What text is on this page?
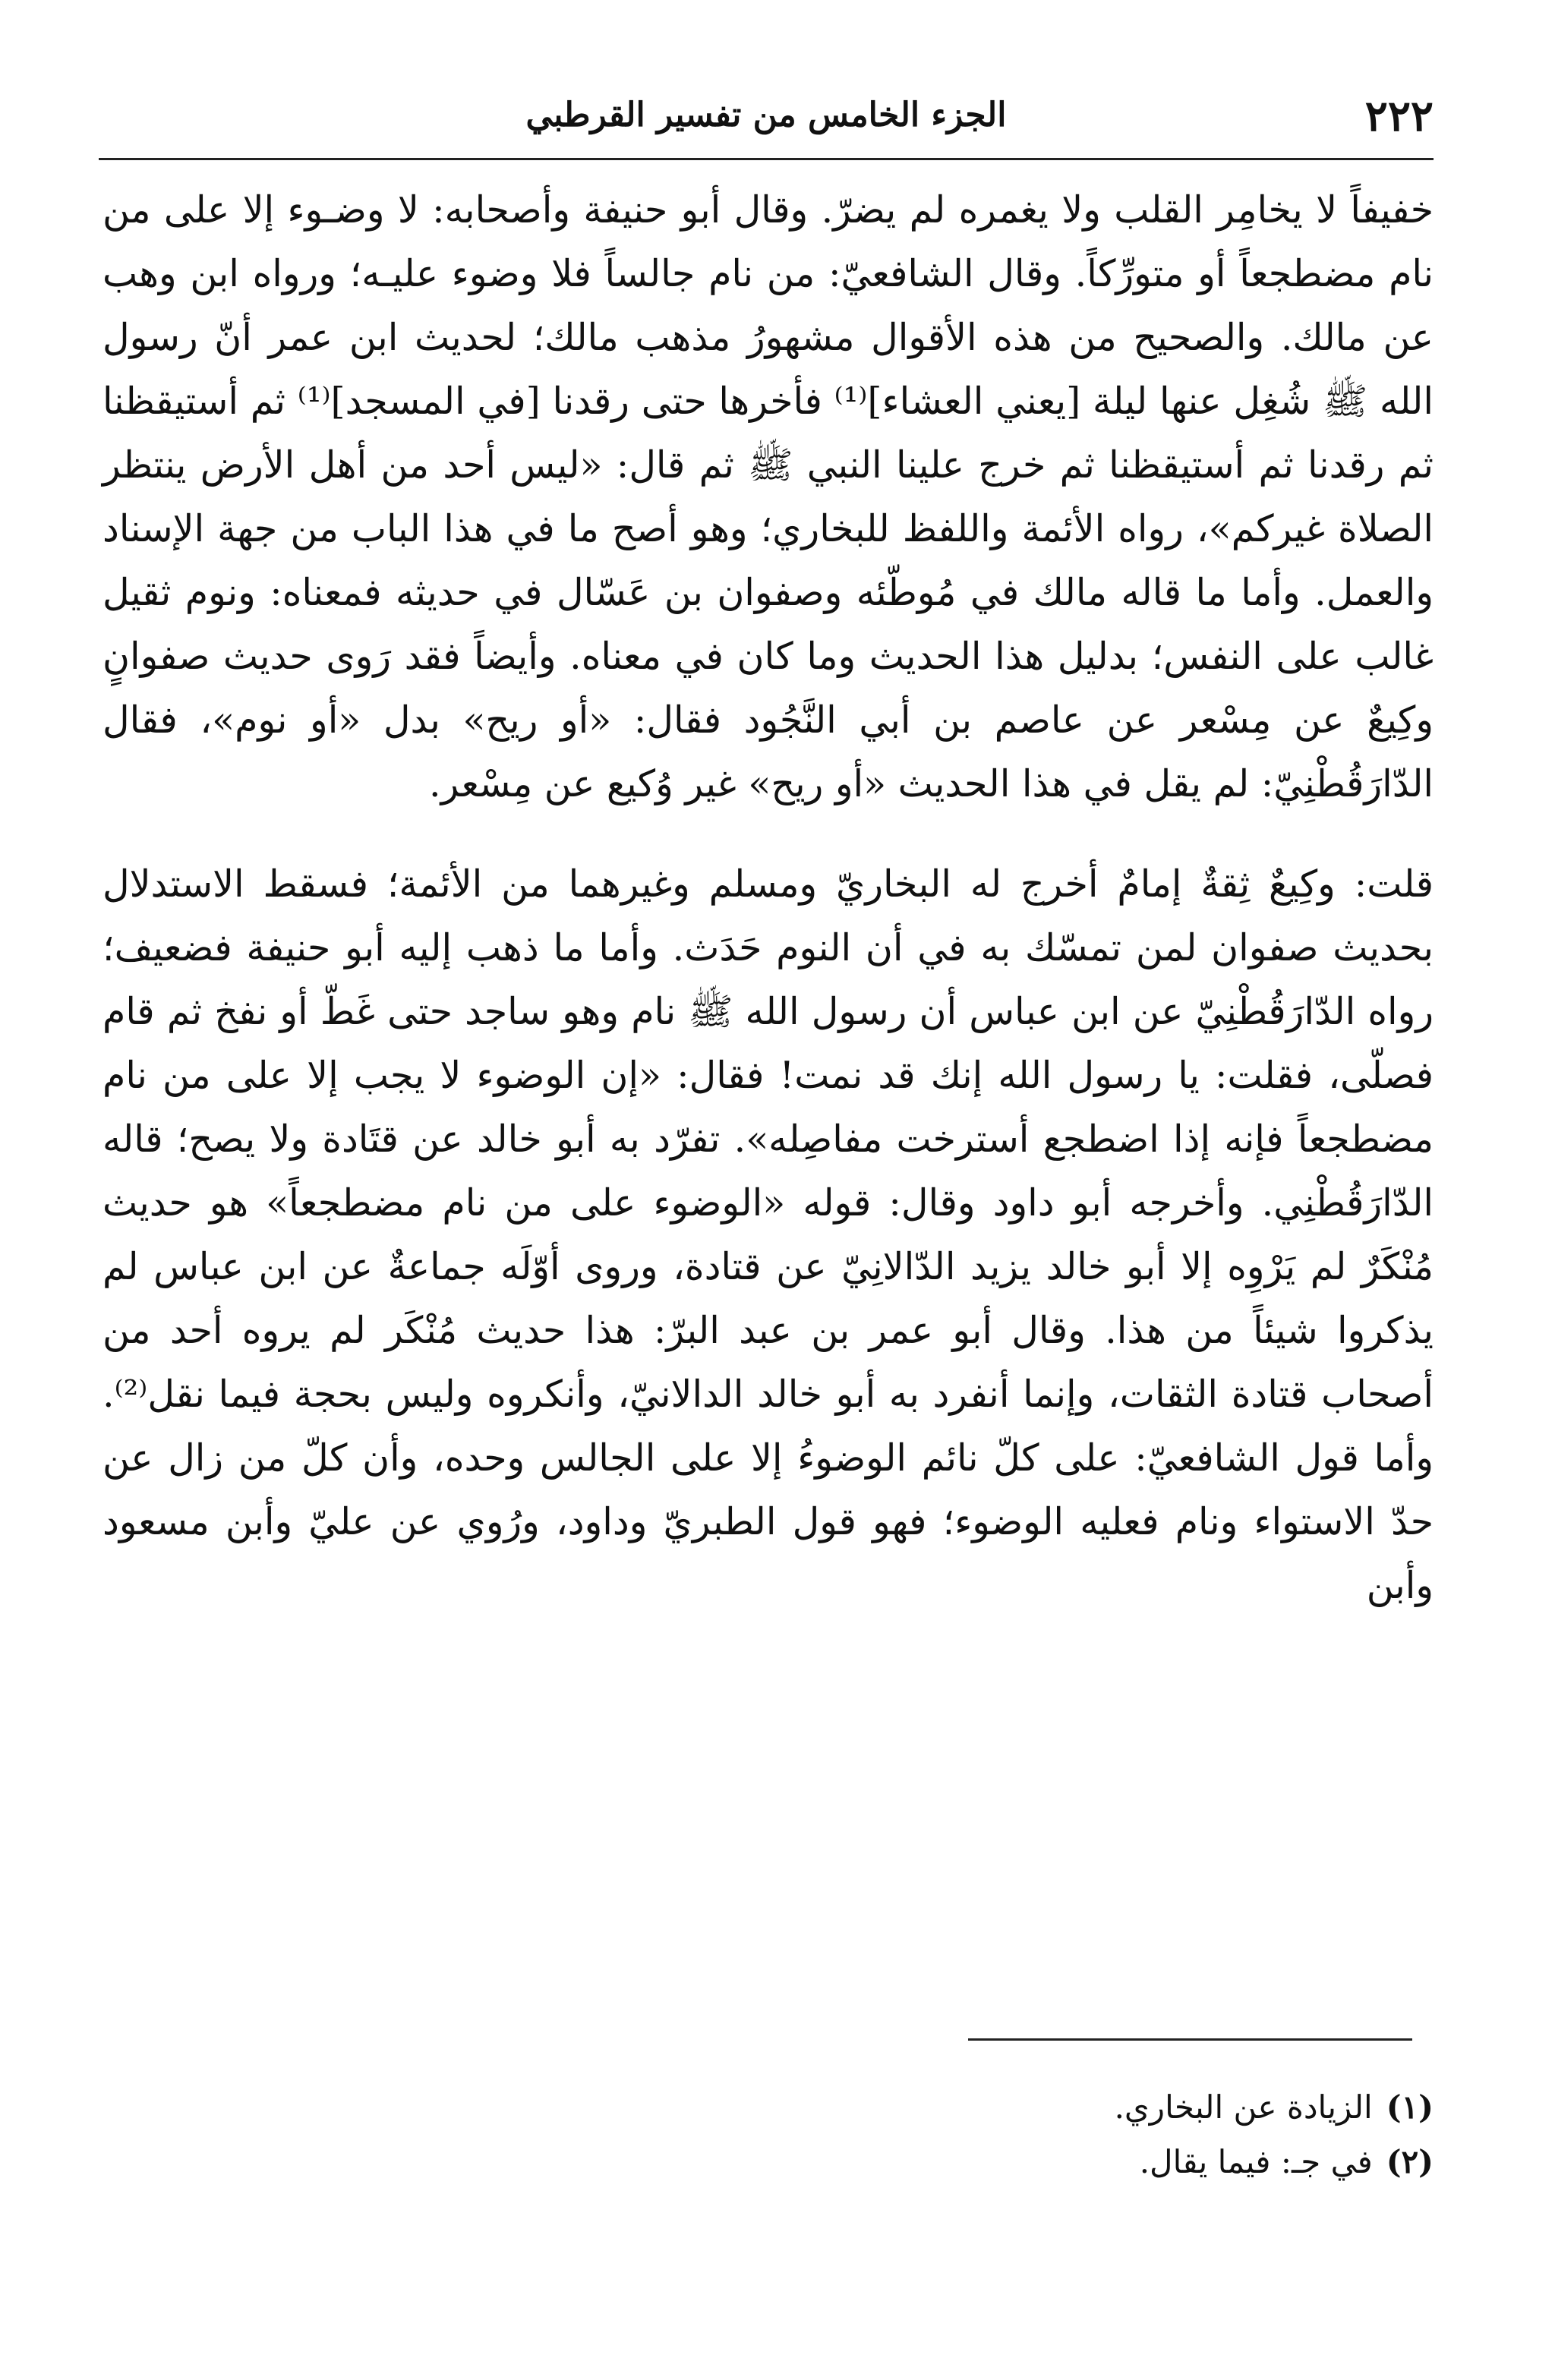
٢٢٢
الجزء الخامس من تفسير القرطبي

خفيفاً لا يخامِر القلب ولا يغمره لم يضرّ. وقال أبو حنيفة وأصحابه: لا وضـوء إلا على من نام مضطجعاً أو متورِّكاً. وقال الشافعيّ: من نام جالساً فلا وضوء عليـه؛ ورواه ابن وهب عن مالك. والصحيح من هذه الأقوال مشهورُ مذهب مالك؛ لحديث ابن عمر أنّ رسول الله ﷺ شُغِل عنها ليلة [يعني العشاء]⁽¹⁾ فأخرها حتى رقدنا [في المسجد]⁽¹⁾ ثم أستيقظنا ثم رقدنا ثم أستيقظنا ثم خرج علينا النبي ﷺ ثم قال: «ليس أحد من أهل الأرض ينتظر الصلاة غيركم»، رواه الأئمة واللفظ للبخاري؛ وهو أصح ما في هذا الباب من جهة الإسناد والعمل. وأما ما قاله مالك في مُوطّئه وصفوان بن عَسّال في حديثه فمعناه: ونوم ثقيل غالب على النفس؛ بدليل هذا الحديث وما كان في معناه. وأيضاً فقد رَوى حديث صفوانٍ وكِيعٌ عن مِسْعر عن عاصم بن أبي النَّجُود فقال: «أو ريح» بدل «أو نوم»، فقال الدّارَقُطْنِيّ: لم يقل في هذا الحديث «أو ريح» غير وُكيع عن مِسْعر.

قلت: وكِيعٌ ثِقةٌ إمامٌ أخرج له البخاريّ ومسلم وغيرهما من الأئمة؛ فسقط الاستدلال بحديث صفوان لمن تمسّك به في أن النوم حَدَث. وأما ما ذهب إليه أبو حنيفة فضعيف؛ رواه الدّارَقُطْنِيّ عن ابن عباس أن رسول الله ﷺ نام وهو ساجد حتى غَطّ أو نفخ ثم قام فصلّى، فقلت: يا رسول الله إنك قد نمت! فقال: «إن الوضوء لا يجب إلا على من نام مضطجعاً فإنه إذا اضطجع أسترخت مفاصِله». تفرّد به أبو خالد عن قتَادة ولا يصح؛ قاله الدّارَقُطْنِي. وأخرجه أبو داود وقال: قوله «الوضوء على من نام مضطجعاً» هو حديث مُنْكَرٌ لم يَرْوِه إلا أبو خالد يزيد الدّالانِيّ عن قتادة، وروى أوّلَه جماعةٌ عن ابن عباس لم يذكروا شيئاً من هذا. وقال أبو عمر بن عبد البرّ: هذا حديث مُنْكَر لم يروه أحد من أصحاب قتادة الثقات، وإنما أنفرد به أبو خالد الدالانيّ، وأنكروه وليس بحجة فيما نقل⁽²⁾. وأما قول الشافعيّ: على كلّ نائم الوضوءُ إلا على الجالس وحده، وأن كلّ من زال عن حدّ الاستواء ونام فعليه الوضوء؛ فهو قول الطبريّ وداود، ورُوي عن عليّ وأبن مسعود وأبن

(١)الزيادة عن البخاري.
(٢)في جـ: فيما يقال.
